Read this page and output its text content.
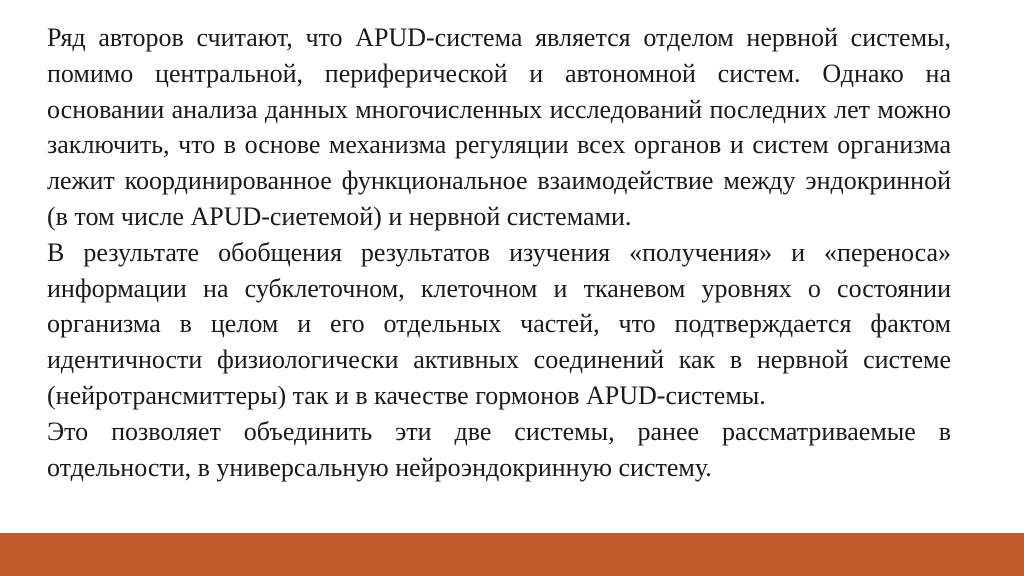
Ряд авторов считают, что APUD-система является отделом нервной системы, помимо центральной, периферической и автономной систем. Однако на основании анализа данных многочисленных исследований последних лет можно заключить, что в основе механизма регуляции всех органов и систем организма лежит координированное функциональное взаимодействие между эндокринной (в том числе APUD-сиетемой) и нервной системами.

В результате обобщения результатов изучения «получения» и «переноса» информации на субклеточном, клеточном и тканевом уровнях о состоянии организма в целом и его отдельных частей, что подтверждается фактом идентичности физиологически активных соединений как в нервной системе (нейротрансмиттеры) так и в качестве гормонов APUD-системы.

Это позволяет объединить эти две системы, ранее рассматриваемые в отдельности, в универсальную нейроэндокринную систему.
